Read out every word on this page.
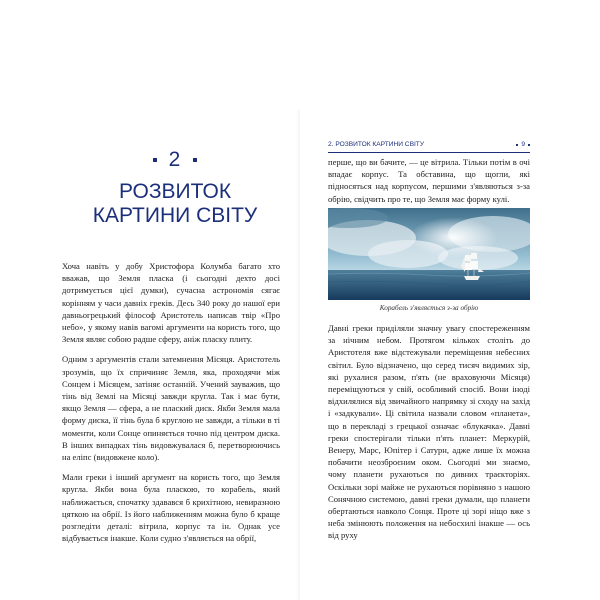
2
РОЗВИТОК
КАРТИНИ СВІТУ

Хоча навіть у добу Христофора Колумба багато хто вважав, що Земля пласка (і сьогодні дехто досі дотримується цієї думки), сучасна астрономія сягає корінням у часи давніх греків. Десь 340 року до нашої ери давньогрецький філософ Аристотель написав твір «Про небо», у якому навів вагомі аргументи на користь того, що Земля являє собою радше сферу, аніж пласку плиту.

Одним з аргументів стали затемнення Місяця. Аристотель зрозумів, що їх спричиняє Земля, яка, проходячи між Сонцем і Місяцем, затіняє останній. Учений зауважив, що тінь від Землі на Місяці завжди кругла. Так і має бути, якщо Земля — сфера, а не плаский диск. Якби Земля мала форму диска, її тінь була б круглою не завжди, а тільки в ті моменти, коли Сонце опиняється точно під центром диска. В інших випадках тінь видовжувалася б, перетворюючись на еліпс (видовжене коло).

Мали греки і інший аргумент на користь того, що Земля кругла. Якби вона була пласкою, то корабель, який наближається, спочатку здавався б крихітною, невиразною цяткою на обрії. Із його наближенням можна було б краще розгледіти деталі: вітрила, корпус та ін. Однак усе відбувається інакше. Коли судно з'являється на обрії,

2. РОЗВИТОК КАРТИНИ СВІТУ	9

перше, що ви бачите, — це вітрила. Тільки потім в очі впадає корпус. Та обставина, що щогли, які підносяться над корпусом, першими з'являються з-за обрію, свідчить про те, що Земля має форму кулі.

Корабель з'являється з-за обрію

Давні греки приділяли значну увагу спостереженням за нічним небом. Протягом кількох століть до Аристотеля вже відстежували переміщення небесних світил. Було відзначено, що серед тисяч видимих зір, які рухалися разом, п'ять (не враховуючи Місяця) переміщуються у свій, особливий спосіб. Вони іноді відхилялися від звичайного напрямку зі сходу на захід і «задкували». Ці світила назвали словом «планета», що в перекладі з грецької означає «блукачка». Давні греки спостерігали тільки п'ять планет: Меркурій, Венеру, Марс, Юпітер і Сатурн, адже лише їх можна побачити неозброєним оком. Сьогодні ми знаємо, чому планети рухаються по дивних траєкторіях. Оскільки зорі майже не рухаються порівняно з нашою Сонячною системою, давні греки думали, що планети обертаються навколо Сонця. Проте ці зорі ніщо вже з неба змінюють положення на небосхилі інакше — ось від руху
